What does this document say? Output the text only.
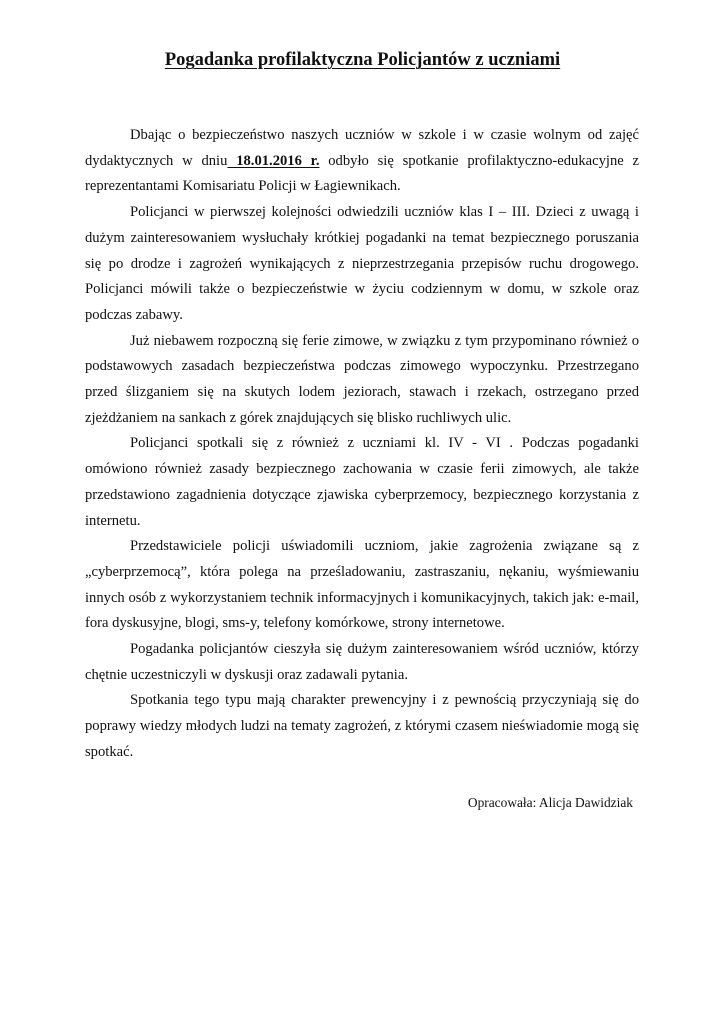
Pogadanka profilaktyczna Policjantów z uczniami

Dbając o bezpieczeństwo naszych uczniów w szkole i w czasie wolnym od zajęć dydaktycznych w dniu 18.01.2016 r. odbyło się spotkanie profilaktyczno-edukacyjne z reprezentantami Komisariatu Policji w Łagiewnikach.

Policjanci w pierwszej kolejności odwiedzili uczniów klas I – III. Dzieci z uwagą i dużym zainteresowaniem wysłuchały krótkiej pogadanki na temat bezpiecznego poruszania się po drodze i zagrożeń wynikających z nieprzestrzegania przepisów ruchu drogowego. Policjanci mówili także o bezpieczeństwie w życiu codziennym w domu, w szkole oraz podczas zabawy.

Już niebawem rozpoczną się ferie zimowe, w związku z tym przypominano również o podstawowych zasadach bezpieczeństwa podczas zimowego wypoczynku. Przestrzegano przed ślizganiem się na skutych lodem jeziorach, stawach i rzekach, ostrzegano przed zjeżdżaniem na sankach z górek znajdujących się blisko ruchliwych ulic.

Policjanci spotkali się z również z uczniami kl. IV - VI . Podczas pogadanki omówiono również zasady bezpiecznego zachowania w czasie ferii zimowych, ale także przedstawiono zagadnienia dotyczące zjawiska cyberprzemocy, bezpiecznego korzystania z internetu.

Przedstawiciele policji uświadomili uczniom, jakie zagrożenia związane są z „cyberprzemocą”, która polega na prześladowaniu, zastraszaniu, nękaniu, wyśmiewaniu innych osób z wykorzystaniem technik informacyjnych i komunikacyjnych, takich jak: e-mail, fora dyskusyjne, blogi, sms-y, telefony komórkowe, strony internetowe.

Pogadanka policjantów cieszyła się dużym zainteresowaniem wśród uczniów, którzy chętnie uczestniczyli w dyskusji oraz zadawali pytania.

Spotkania tego typu mają charakter prewencyjny i z pewnością przyczyniają się do poprawy wiedzy młodych ludzi na tematy zagrożeń, z którymi czasem nieświadomie mogą się spotkać.

Opracowała: Alicja Dawidziak
